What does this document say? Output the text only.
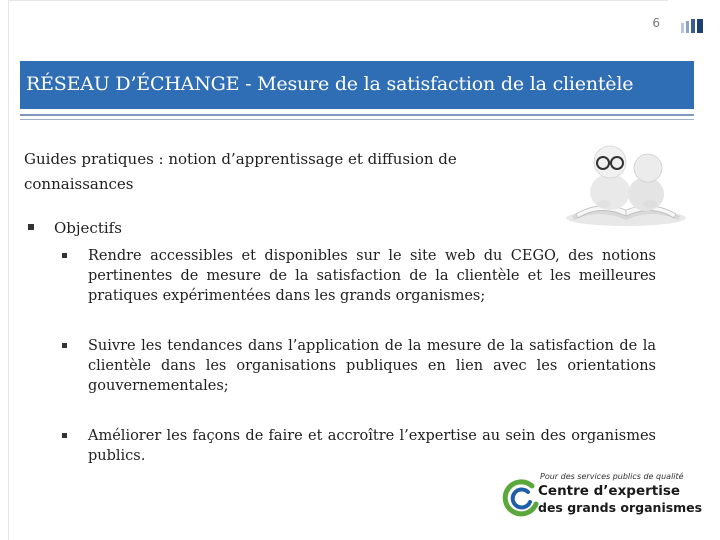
6
RÉSEAU D’ÉCHANGE - Mesure de la satisfaction de la clientèle
Guides pratiques : notion d’apprentissage et diffusion de connaissances
Objectifs
Rendre accessibles et disponibles sur le site web du CEGO, des notions pertinentes de mesure de la satisfaction de la clientèle et les meilleures pratiques expérimentées dans les grands organismes;
Suivre les tendances dans l’application de la mesure de la satisfaction de la clientèle dans les organisations publiques en lien avec les orientations gouvernementales;
Améliorer les façons de faire et accroître l’expertise au sein des organismes publics.
Pour des services publics de qualité
Centre d’expertise
des grands organismes
